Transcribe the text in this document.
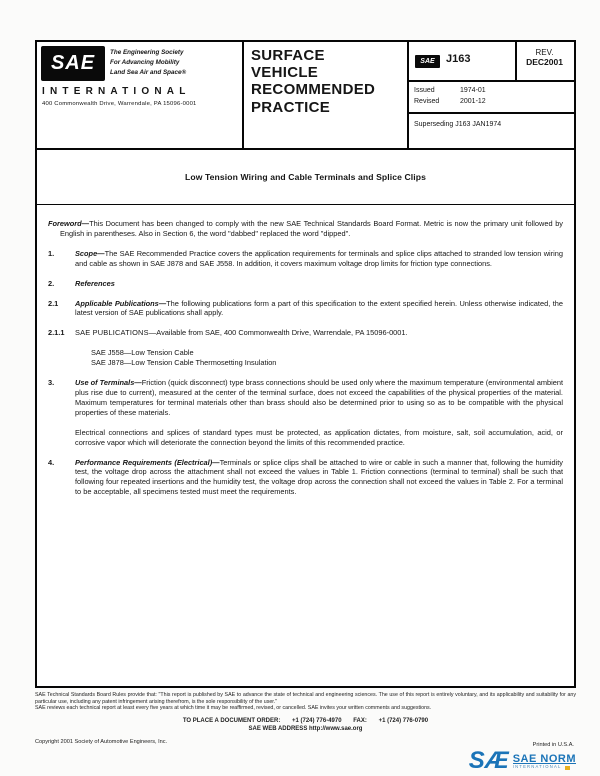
SAE The Engineering Society
For Advancing Mobility
Land Sea Air and Space®
INTERNATIONAL
400 Commonwealth Drive, Warrendale, PA 15096-0001
SURFACE
VEHICLE
RECOMMENDED
PRACTICE
SAE J163
REV.
DEC2001
Issued	1974-01
Revised	2001-12
Superseding J163 JAN1974
Low Tension Wiring and Cable Terminals and Splice Clips

Foreword—This Document has been changed to comply with the new SAE Technical Standards Board Format. Metric is now the primary unit followed by English in parentheses. Also in Section 6, the word "dabbed" replaced the word "dipped".

1.	Scope—The SAE Recommended Practice covers the application requirements for terminals and splice clips attached to stranded low tension wiring and cable as shown in SAE J878 and SAE J558. In addition, it covers maximum voltage drop limits for friction type connections.
2.	References
2.1	Applicable Publications—The following publications form a part of this specification to the extent specified herein. Unless otherwise indicated, the latest version of SAE publications shall apply.
2.1.1	SAE PUBLICATIONS—Available from SAE, 400 Commonwealth Drive, Warrendale, PA 15096-0001.
SAE J558—Low Tension Cable
SAE J878—Low Tension Cable Thermosetting Insulation
3.	Use of Terminals—Friction (quick disconnect) type brass connections should be used only where the maximum temperature (environmental ambient plus rise due to current), measured at the center of the terminal surface, does not exceed the capabilities of the physical properties of the material. Maximum temperatures for terminal materials other than brass should also be determined prior to using so as to be compatible with the physical properties of these materials.

Electrical connections and splices of standard types must be protected, as application dictates, from moisture, salt, soil accumulation, acid, or corrosive vapor which will deteriorate the connection beyond the limits of this recommended practice.

4.	Performance Requirements (Electrical)—Terminals or splice clips shall be attached to wire or cable in such a manner that, following the humidity test, the voltage drop across the attachment shall not exceed the values in Table 1. Friction connections (terminal to terminal) shall be such that following four repeated insertions and the humidity test, the voltage drop across the connection shall not exceed the values in Table 2. For a terminal to be acceptable, all specimens tested must meet the requirements.

SAE Technical Standards Board Rules provide that: "This report is published by SAE to advance the state of technical and engineering sciences. The use of this report is entirely voluntary, and its applicability and suitability for any particular use, including any patent infringement arising therefrom, is the sole responsibility of the user."

SAE reviews each technical report at least every five years at which time it may be reaffirmed, revised, or cancelled. SAE invites your written comments and suggestions.

TO PLACE A DOCUMENT ORDER: +1 (724) 776-4970 FAX: +1 (724) 776-0790
SAE WEB ADDRESS http://www.sae.org
Copyright 2001 Society of Automotive Engineers, Inc.
Printed in U.S.A.
SÆ SAE NORM
INTERNATIONAL
